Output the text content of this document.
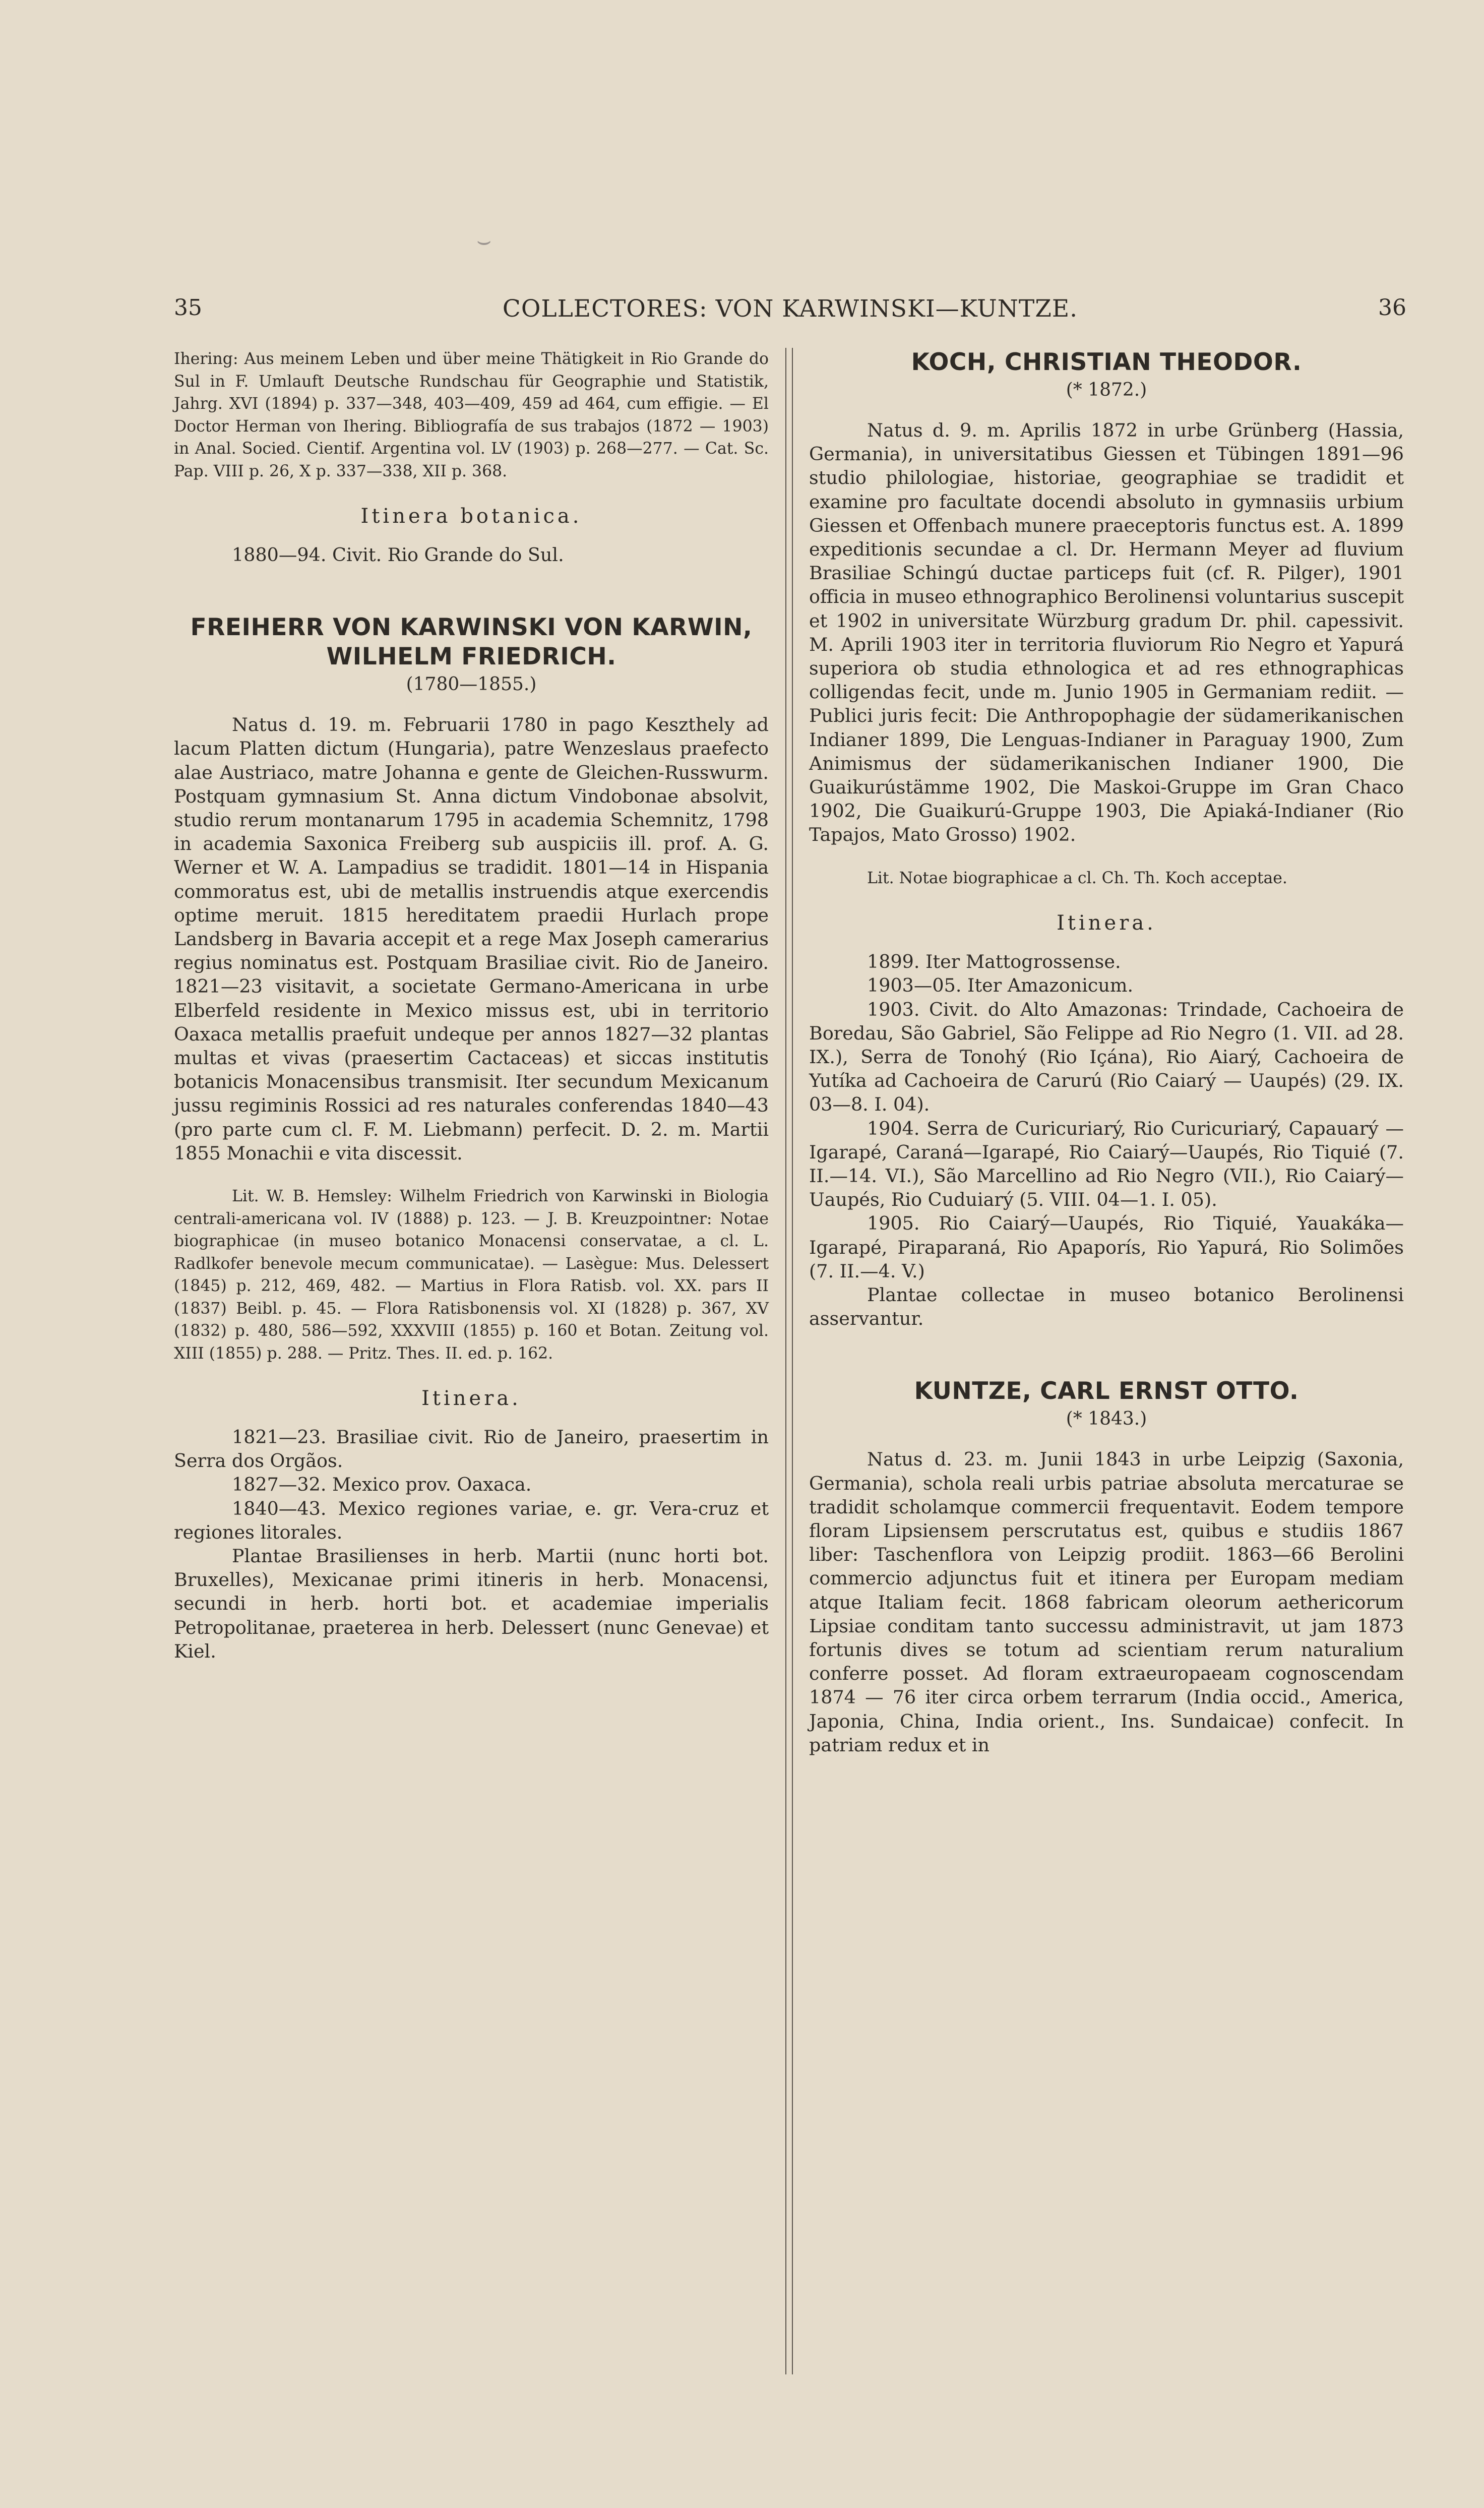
⌣
35	COLLECTORES: VON KARWINSKI—KUNTZE.	36

Ihering: Aus meinem Leben und über meine Thätigkeit in Rio Grande do Sul in F. Umlauft Deutsche Rundschau für Geographie und Statistik, Jahrg. XVI (1894) p. 337—348, 403—409, 459 ad 464, cum effigie. — El Doctor Herman von Ihering. Bibliografía de sus trabajos (1872 — 1903) in Anal. Socied. Cientif. Argentina vol. LV (1903) p. 268—277. — Cat. Sc. Pap. VIII p. 26, X p. 337—338, XII p. 368.

Itinera botanica.

1880—94. Civit. Rio Grande do Sul.

FREIHERR VON KARWINSKI VON KARWIN,
WILHELM FRIEDRICH.
(1780—1855.)

Natus d. 19. m. Februarii 1780 in pago Keszthely ad lacum Platten dictum (Hungaria), patre Wenzeslaus praefecto alae Austriaco, matre Johanna e gente de Gleichen-Russwurm. Postquam gymnasium St. Anna dictum Vindobonae absolvit, studio rerum montanarum 1795 in academia Schemnitz, 1798 in academia Saxonica Freiberg sub auspiciis ill. prof. A. G. Werner et W. A. Lampadius se tradidit. 1801—14 in Hispania commoratus est, ubi de metallis instruendis atque exercendis optime meruit. 1815 hereditatem praedii Hurlach prope Landsberg in Bavaria accepit et a rege Max Joseph camerarius regius nominatus est. Postquam Brasiliae civit. Rio de Janeiro. 1821—23 visitavit, a societate Germano-Americana in urbe Elberfeld residente in Mexico missus est, ubi in territorio Oaxaca metallis praefuit undeque per annos 1827—32 plantas multas et vivas (praesertim Cactaceas) et siccas institutis botanicis Monacensibus transmisit. Iter secundum Mexicanum jussu regiminis Rossici ad res naturales conferendas 1840—43 (pro parte cum cl. F. M. Liebmann) perfecit. D. 2. m. Martii 1855 Monachii e vita discessit.

Lit. W. B. Hemsley: Wilhelm Friedrich von Karwinski in Biologia centrali-americana vol. IV (1888) p. 123. — J. B. Kreuzpointner: Notae biographicae (in museo botanico Monacensi conservatae, a cl. L. Radlkofer benevole mecum communicatae). — Lasègue: Mus. Delessert (1845) p. 212, 469, 482. — Martius in Flora Ratisb. vol. XX. pars II (1837) Beibl. p. 45. — Flora Ratisbonensis vol. XI (1828) p. 367, XV (1832) p. 480, 586—592, XXXVIII (1855) p. 160 et Botan. Zeitung vol. XIII (1855) p. 288. — Pritz. Thes. II. ed. p. 162.

Itinera.

1821—23. Brasiliae civit. Rio de Janeiro, praesertim in Serra dos Orgãos.

1827—32. Mexico prov. Oaxaca.

1840—43. Mexico regiones variae, e. gr. Vera-cruz et regiones litorales.

Plantae Brasilienses in herb. Martii (nunc horti bot. Bruxelles), Mexicanae primi itineris in herb. Monacensi, secundi in herb. horti bot. et academiae imperialis Petropolitanae, praeterea in herb. Delessert (nunc Genevae) et Kiel.

KOCH, CHRISTIAN THEODOR.
(* 1872.)

Natus d. 9. m. Aprilis 1872 in urbe Grünberg (Hassia, Germania), in universitatibus Giessen et Tübingen 1891—96 studio philologiae, historiae, geographiae se tradidit et examine pro facultate docendi absoluto in gymnasiis urbium Giessen et Offenbach munere praeceptoris functus est. A. 1899 expeditionis secundae a cl. Dr. Hermann Meyer ad fluvium Brasiliae Schingú ductae particeps fuit (cf. R. Pilger), 1901 officia in museo ethnographico Berolinensi voluntarius suscepit et 1902 in universitate Würzburg gradum Dr. phil. capessivit. M. Aprili 1903 iter in territoria fluviorum Rio Negro et Yapurá superiora ob studia ethnologica et ad res ethnographicas colligendas fecit, unde m. Junio 1905 in Germaniam rediit. — Publici juris fecit: Die Anthropophagie der südamerikanischen Indianer 1899, Die Lenguas-Indianer in Paraguay 1900, Zum Animismus der südamerikanischen Indianer 1900, Die Guaikurústämme 1902, Die Maskoi-Gruppe im Gran Chaco 1902, Die Guaikurú-Gruppe 1903, Die Apiaká-Indianer (Rio Tapajos, Mato Grosso) 1902.

Lit. Notae biographicae a cl. Ch. Th. Koch acceptae.

Itinera.

1899. Iter Mattogrossense.

1903—05. Iter Amazonicum.

1903. Civit. do Alto Amazonas: Trindade, Cachoeira de Boredau, São Gabriel, São Felippe ad Rio Negro (1. VII. ad 28. IX.), Serra de Tonohý (Rio Içána), Rio Aiarý, Cachoeira de Yutíka ad Cachoeira de Carurú (Rio Caiarý — Uaupés) (29. IX. 03—8. I. 04).

1904. Serra de Curicuriarý, Rio Curicuriarý, Capauarý —Igarapé, Caraná—Igarapé, Rio Caiarý—Uaupés, Rio Tiquié (7. II.—14. VI.), São Marcellino ad Rio Negro (VII.), Rio Caiarý—Uaupés, Rio Cuduiarý (5. VIII. 04—1. I. 05).

1905. Rio Caiarý—Uaupés, Rio Tiquié, Yauakáka—Igarapé, Piraparaná, Rio Apaporís, Rio Yapurá, Rio Solimões (7. II.—4. V.)

Plantae collectae in museo botanico Berolinensi asservantur.

KUNTZE, CARL ERNST OTTO.
(* 1843.)

Natus d. 23. m. Junii 1843 in urbe Leipzig (Saxonia, Germania), schola reali urbis patriae absoluta mercaturae se tradidit scholamque commercii frequentavit. Eodem tempore floram Lipsiensem perscrutatus est, quibus e studiis 1867 liber: Taschenflora von Leipzig prodiit. 1863—66 Berolini commercio adjunctus fuit et itinera per Europam mediam atque Italiam fecit. 1868 fabricam oleorum aethericorum Lipsiae conditam tanto successu administravit, ut jam 1873 fortunis dives se totum ad scientiam rerum naturalium conferre posset. Ad floram extraeuropaeam cognoscendam 1874 — 76 iter circa orbem terrarum (India occid., America, Japonia, China, India orient., Ins. Sundaicae) confecit. In patriam redux et in
